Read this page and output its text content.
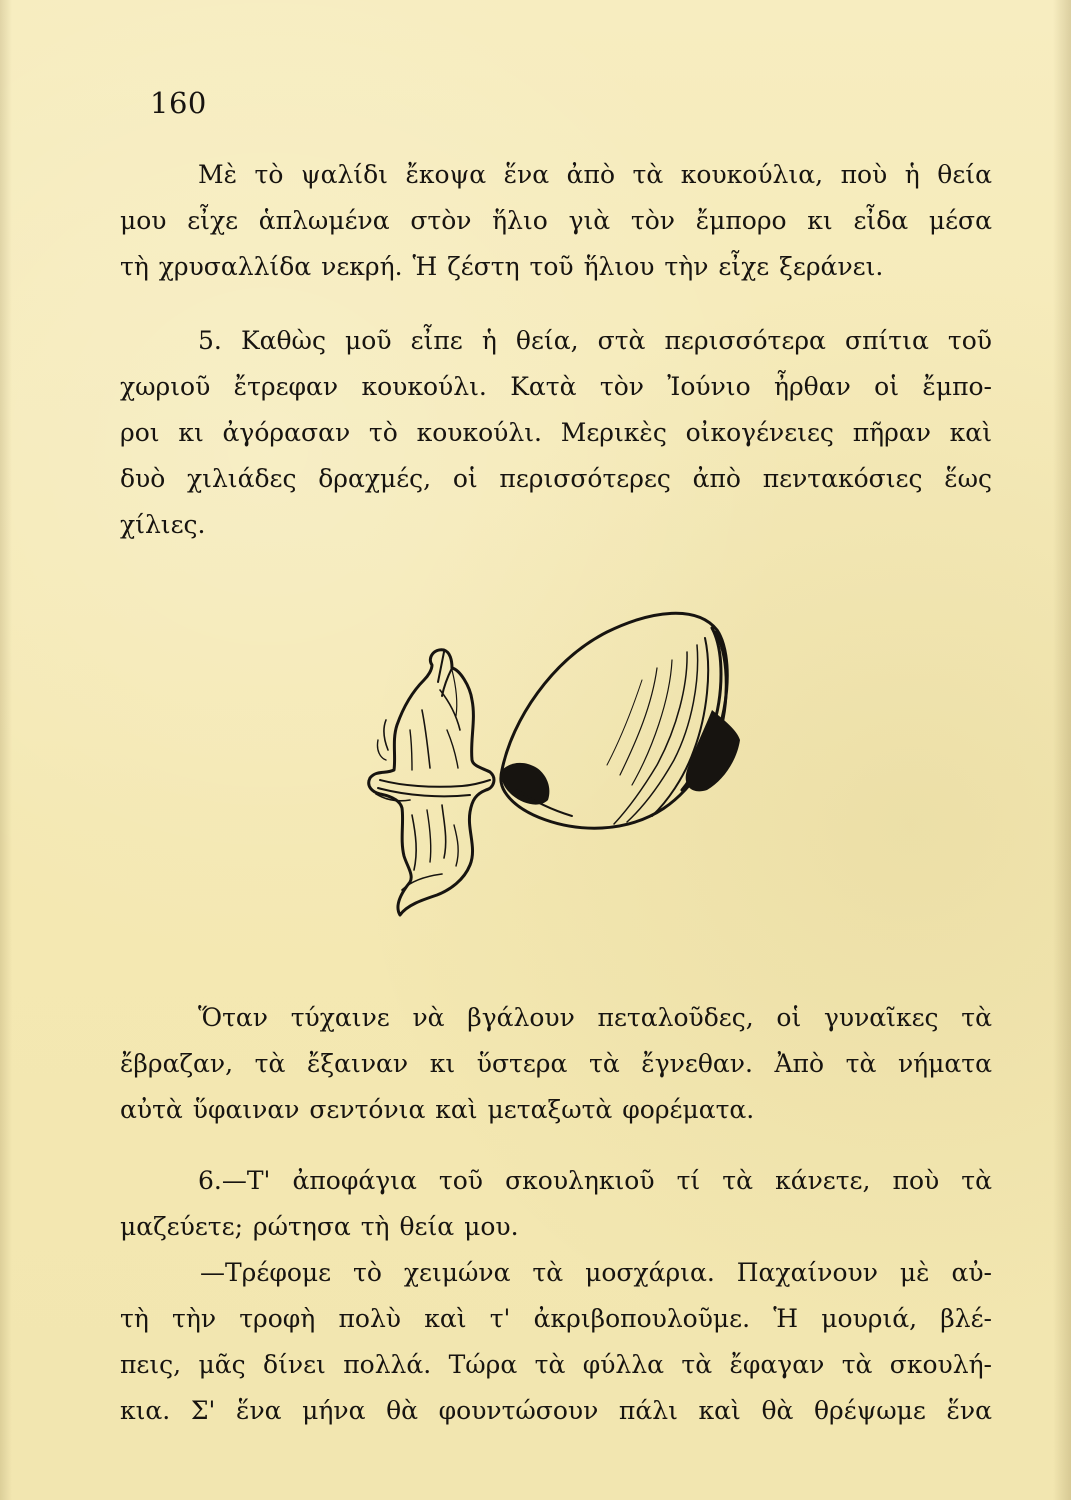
160

Μὲ τὸ ψαλίδι ἔκοψα ἕνα ἀπὸ τὰ κουκούλια, ποὺ ἡ θεία
μου εἶχε ἁπλωμένα στὸν ἥλιο γιὰ τὸν ἔμπορο κι εἶδα μέσα
τὴ χρυσαλλίδα νεκρή. Ἡ ζέστη τοῦ ἥλιου τὴν εἶχε ξεράνει.

5. Καθὼς μοῦ εἶπε ἡ θεία, στὰ περισσότερα σπίτια τοῦ
χωριοῦ ἔτρεφαν κουκούλι. Κατὰ τὸν Ἰούνιο ἦρθαν οἱ ἔμπο-
ροι κι ἀγόρασαν τὸ κουκούλι. Μερικὲς οἰκογένειες πῆραν καὶ
δυὸ χιλιάδες δραχμές, οἱ περισσότερες ἀπὸ πεντακόσιες ἕως
χίλιες.

Ὅταν τύχαινε νὰ βγάλουν πεταλοῦδες, οἱ γυναῖκες τὰ
ἔβραζαν, τὰ ἔξαιναν κι ὕστερα τὰ ἔγνεθαν. Ἀπὸ τὰ νήματα
αὐτὰ ὕφαιναν σεντόνια καὶ μεταξωτὰ φορέματα.

6.—Τ' ἀποφάγια τοῦ σκουληκιοῦ τί τὰ κάνετε, ποὺ τὰ
μαζεύετε; ρώτησα τὴ θεία μου.

—Τρέφομε τὸ χειμώνα τὰ μοσχάρια. Παχαίνουν μὲ αὐ-
τὴ τὴν τροφὴ πολὺ καὶ τ' ἀκριβοπουλοῦμε. Ἡ μουριά, βλέ-
πεις, μᾶς δίνει πολλά. Τώρα τὰ φύλλα τὰ ἔφαγαν τὰ σκουλή-
κια. Σ' ἕνα μήνα θὰ φουντώσουν πάλι καὶ θὰ θρέψωμε ἕνα
